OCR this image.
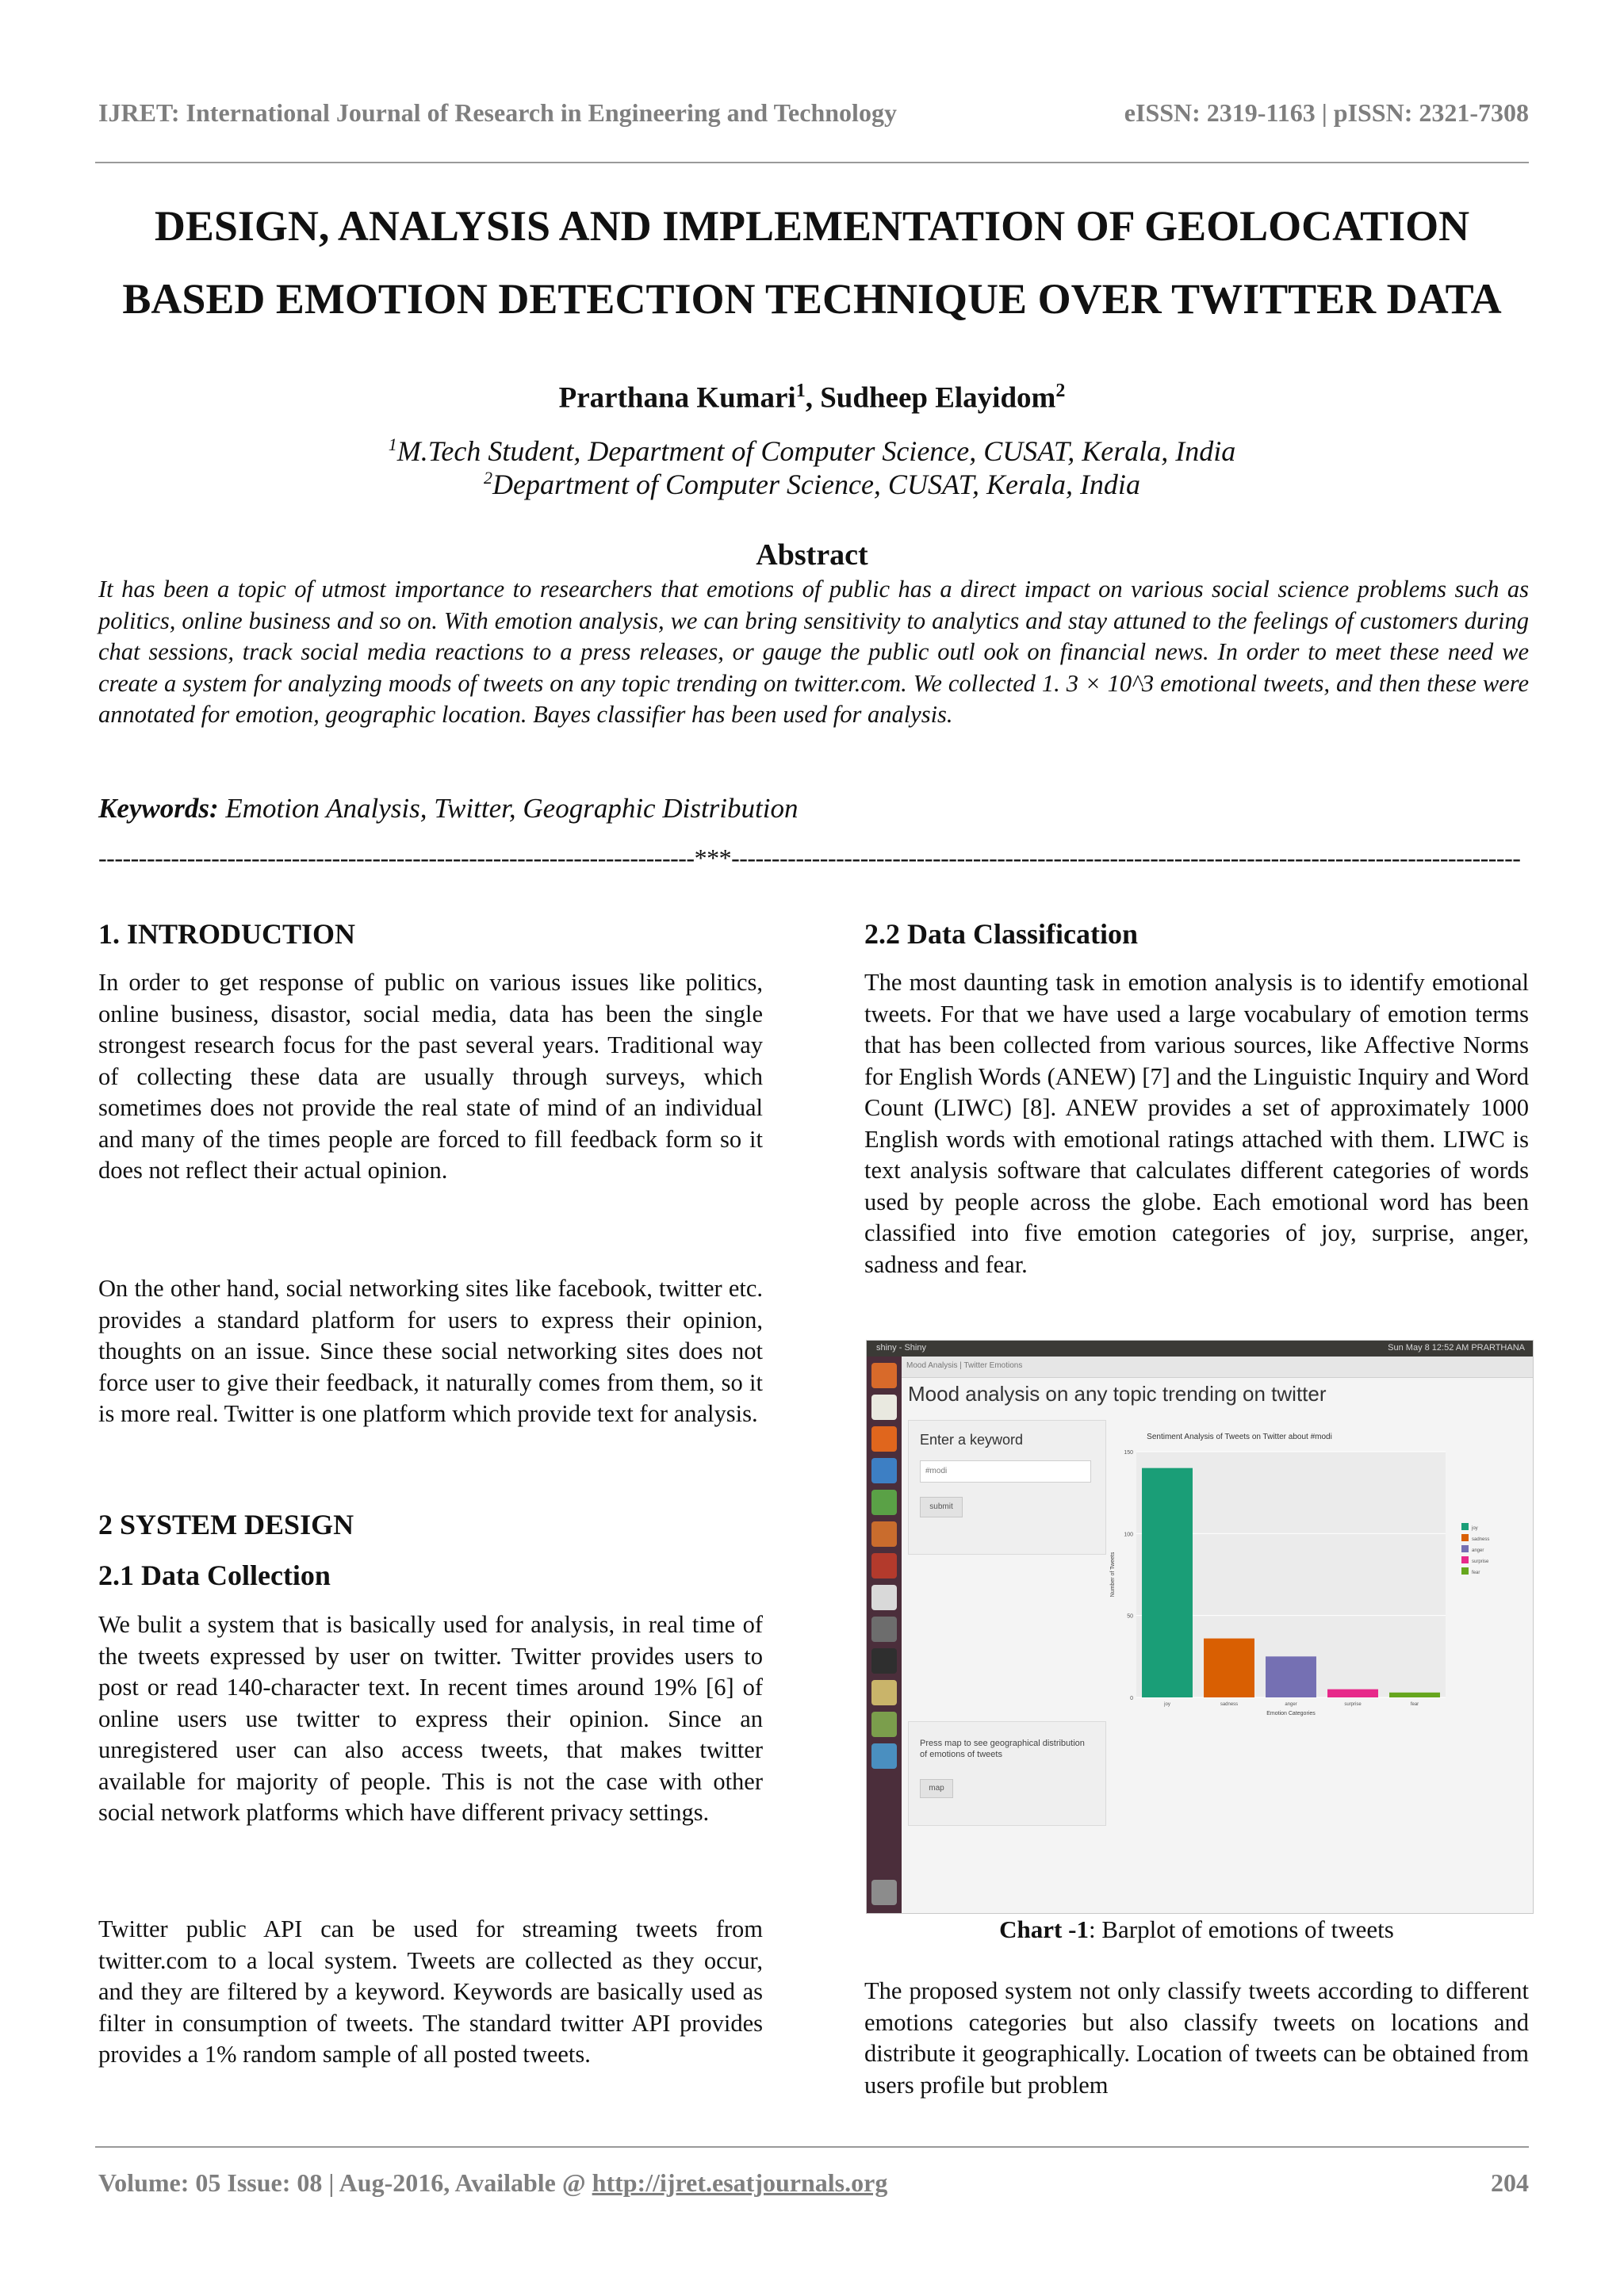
IJRET: International Journal of Research in Engineering and Technology	eISSN: 2319-1163 | pISSN: 2321-7308
DESIGN, ANALYSIS AND IMPLEMENTATION OF GEOLOCATION
BASED EMOTION DETECTION TECHNIQUE OVER TWITTER DATA
Prarthana Kumari$^1$, Sudheep Elayidom$^2$
$^1$M.Tech Student, Department of Computer Science, CUSAT, Kerala, India
$^2$Department of Computer Science, CUSAT, Kerala, India
Abstract
It has been a topic of utmost importance to researchers that emotions of public has a direct impact on various social science problems such as politics, online business and so on. With emotion analysis, we can bring sensitivity to analytics and stay attuned to the feelings of customers during chat sessions, track social media reactions to a press releases, or gauge the public outl ook on financial news. In order to meet these need we create a system for analyzing moods of tweets on any topic trending on twitter.com. We collected 1. 3 × 10^3 emotional tweets, and then these were annotated for emotion, geographic location. Bayes classifier has been used for analysis.
Keywords: Emotion Analysis, Twitter, Geographic Distribution
--------------------------------------------------------------------------***--------------------------------------------------------------------------------------------------
1. INTRODUCTION
In order to get response of public on various issues like politics, online business, disastor, social media, data has been the single strongest research focus for the past several years. Traditional way of collecting these data are usually through surveys, which sometimes does not provide the real state of mind of an individual and many of the times people are forced to fill feedback form so it does not reflect their actual opinion.
On the other hand, social networking sites like facebook, twitter etc. provides a standard platform for users to express their opinion, thoughts on an issue. Since these social networking sites does not force user to give their feedback, it naturally comes from them, so it is more real. Twitter is one platform which provide text for analysis.
2 SYSTEM DESIGN
2.1 Data Collection
We bulit a system that is basically used for analysis, in real time of the tweets expressed by user on twitter. Twitter provides users to post or read 140-character text. In recent times around 19% [6] of online users use twitter to express their opinion. Since an unregistered user can also access tweets, that makes twitter available for majority of people. This is not the case with other social network platforms which have different privacy settings.
Twitter public API can be used for streaming tweets from twitter.com to a local system. Tweets are collected as they occur, and they are filtered by a keyword. Keywords are basically used as filter in consumption of tweets. The standard twitter API provides provides a 1% random sample of all posted tweets.
2.2 Data Classification
The most daunting task in emotion analysis is to identify emotional tweets. For that we have used a large vocabulary of emotion terms that has been collected from various sources, like Affective Norms for English Words (ANEW) [7] and the Linguistic Inquiry and Word Count (LIWC) [8]. ANEW provides a set of approximately 1000 English words with emotional ratings attached with them. LIWC is text analysis software that calculates different categories of words used by people across the globe. Each emotional word has been classified into five emotion categories of joy, surprise, anger, sadness and fear.
shiny - Shiny	Sun May 8 12:52 AM PRARTHANA
Mood Analysis | Twitter Emotions
Mood analysis on any topic trending on twitter
Enter a keyword
#modi
submit
Press map to see geographical distribution of emotions of tweets
map
Sentiment Analysis of Tweets on Twitter about #modi
0
50
100
150
joy
joy
sadness
sadness
anger
anger
surprise
surprise
fear
fear
Emotion Categories
Number of Tweets
Chart -1: Barplot of emotions of tweets
The proposed system not only classify tweets according to different emotions categories but also classify tweets on locations and distribute it geographically. Location of tweets can be obtained from users profile but problem
Volume: 05 Issue: 08 | Aug-2016, Available @ http://ijret.esatjournals.org	204
